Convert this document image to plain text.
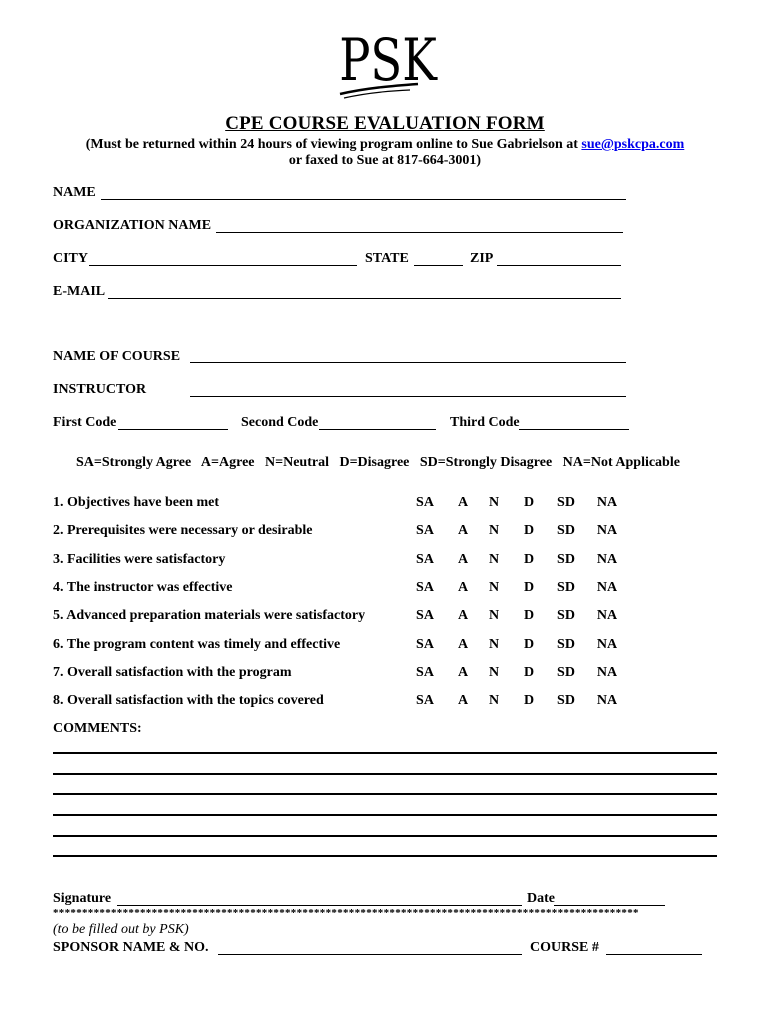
PSK
CPE COURSE EVALUATION FORM
(Must be returned within 24 hours of viewing program online to Sue Gabrielson at sue@pskcpa.com
or faxed to Sue at 817-664-3001)
NAME
ORGANIZATION NAME
CITY	STATE	ZIP
E-MAIL
NAME OF COURSE
INSTRUCTOR
First Code	Second Code	Third Code
SA=Strongly Agree   A=Agree   N=Neutral   D=Disagree   SD=Strongly Disagree   NA=Not Applicable
1. Objectives have been met	SA	A	N	D	SD	NA
2. Prerequisites were necessary or desirable	SA	A	N	D	SD	NA
3. Facilities were satisfactory	SA	A	N	D	SD	NA
4. The instructor was effective	SA	A	N	D	SD	NA
5. Advanced preparation materials were satisfactory	SA	A	N	D	SD	NA
6. The program content was timely and effective	SA	A	N	D	SD	NA
7. Overall satisfaction with the program	SA	A	N	D	SD	NA
8. Overall satisfaction with the topics covered	SA	A	N	D	SD	NA
COMMENTS:
Signature	Date
*****************************************************************************************************
(to be filled out by PSK)
SPONSOR NAME & NO.	COURSE #
